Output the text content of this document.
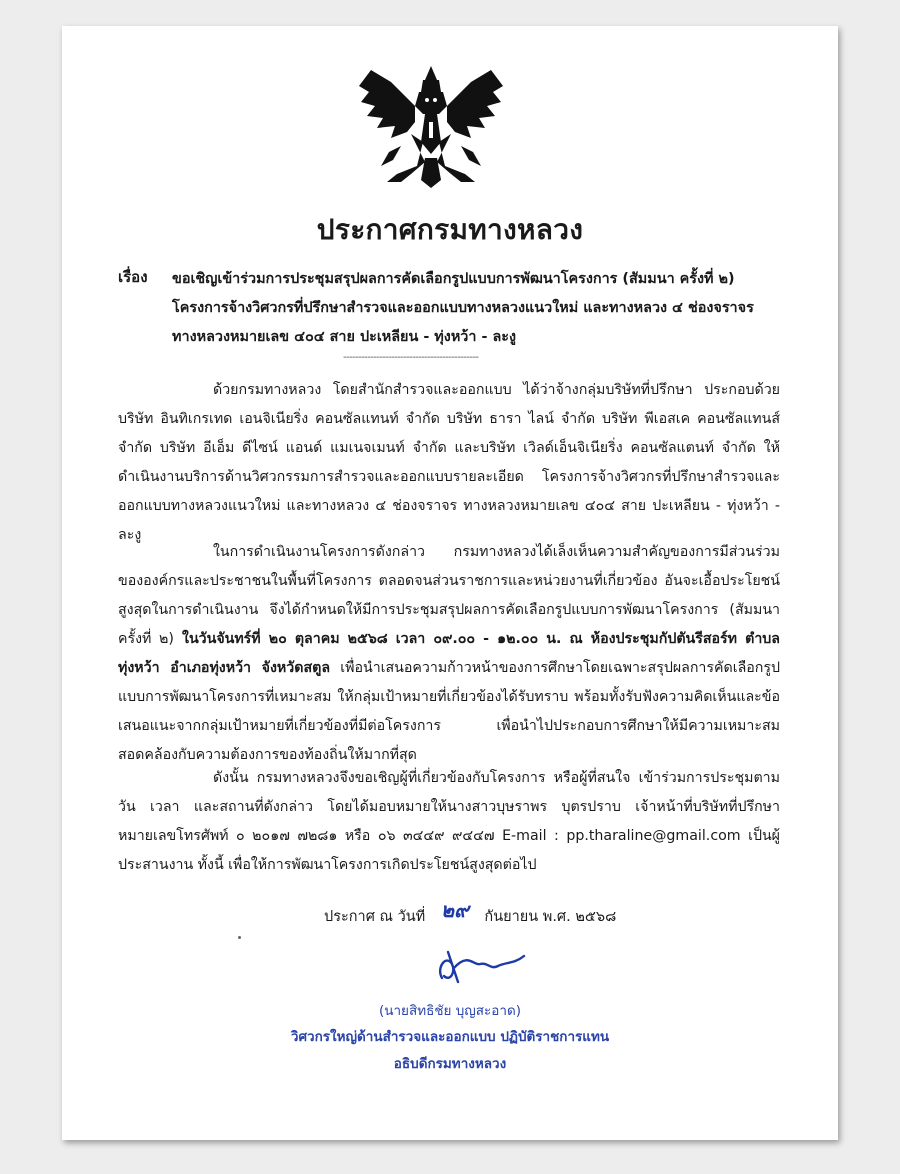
ประกาศกรมทางหลวง
เรื่อง ขอเชิญเข้าร่วมการประชุมสรุปผลการคัดเลือกรูปแบบการพัฒนาโครงการ (สัมมนา ครั้งที่ ๒) โครงการจ้างวิศวกรที่ปรึกษาสำรวจและออกแบบทางหลวงแนวใหม่ และทางหลวง ๔ ช่องจราจร ทางหลวงหมายเลข ๔๐๔ สาย ปะเหลียน - ทุ่งหว้า - ละงู
---------------------------------------------
ด้วยกรมทางหลวง โดยสำนักสำรวจและออกแบบ ได้ว่าจ้างกลุ่มบริษัทที่ปรึกษา ประกอบด้วย บริษัท อินทิเกรเทด เอนจิเนียริ่ง คอนซัลแทนท์ จำกัด บริษัท ธารา ไลน์ จำกัด บริษัท พีเอสเค คอนซัลแทนส์ จำกัด บริษัท อีเอ็ม ดีไซน์ แอนด์ แมเนจเมนท์ จำกัด และบริษัท เวิลด์เอ็นจิเนียริ่ง คอนซัลแตนท์ จำกัด ให้ดำเนินงานบริการด้านวิศวกรรมการสำรวจและออกแบบรายละเอียด โครงการจ้างวิศวกรที่ปรึกษาสำรวจและออกแบบทางหลวงแนวใหม่ และทางหลวง ๔ ช่องจราจร ทางหลวงหมายเลข ๔๐๔ สาย ปะเหลียน - ทุ่งหว้า - ละงู
ในการดำเนินงานโครงการดังกล่าว กรมทางหลวงได้เล็งเห็นความสำคัญของการมีส่วนร่วมขององค์กรและประชาชนในพื้นที่โครงการ ตลอดจนส่วนราชการและหน่วยงานที่เกี่ยวข้อง อันจะเอื้อประโยชน์สูงสุดในการดำเนินงาน จึงได้กำหนดให้มีการประชุมสรุปผลการคัดเลือกรูปแบบการพัฒนาโครงการ (สัมมนา ครั้งที่ ๒) ในวันจันทร์ที่ ๒๐ ตุลาคม ๒๕๖๘ เวลา ๐๙.๐๐ - ๑๒.๐๐ น. ณ ห้องประชุมกัปตันรีสอร์ท ตำบลทุ่งหว้า อำเภอทุ่งหว้า จังหวัดสตูล เพื่อนำเสนอความก้าวหน้าของการศึกษาโดยเฉพาะสรุปผลการคัดเลือกรูปแบบการพัฒนาโครงการที่เหมาะสม ให้กลุ่มเป้าหมายที่เกี่ยวข้องได้รับทราบ พร้อมทั้งรับฟังความคิดเห็นและข้อเสนอแนะจากกลุ่มเป้าหมายที่เกี่ยวข้องที่มีต่อโครงการ เพื่อนำไปประกอบการศึกษาให้มีความเหมาะสมสอดคล้องกับความต้องการของท้องถิ่นให้มากที่สุด
ดังนั้น กรมทางหลวงจึงขอเชิญผู้ที่เกี่ยวข้องกับโครงการ หรือผู้ที่สนใจ เข้าร่วมการประชุมตามวัน เวลา และสถานที่ดังกล่าว โดยได้มอบหมายให้นางสาวบุษราพร บุตรปราบ เจ้าหน้าที่บริษัทที่ปรึกษา หมายเลขโทรศัพท์ ๐ ๒๐๑๗ ๗๒๘๑ หรือ ๐๖ ๓๔๔๙ ๙๔๔๗ E-mail : pp.tharaline@gmail.com เป็นผู้ประสานงาน ทั้งนี้ เพื่อให้การพัฒนาโครงการเกิดประโยชน์สูงสุดต่อไป
ประกาศ ณ วันที่ ๒๙ กันยายน พ.ศ. ๒๕๖๘
(นายสิทธิชัย บุญสะอาด)
วิศวกรใหญ่ด้านสำรวจและออกแบบ ปฏิบัติราชการแทน
อธิบดีกรมทางหลวง
